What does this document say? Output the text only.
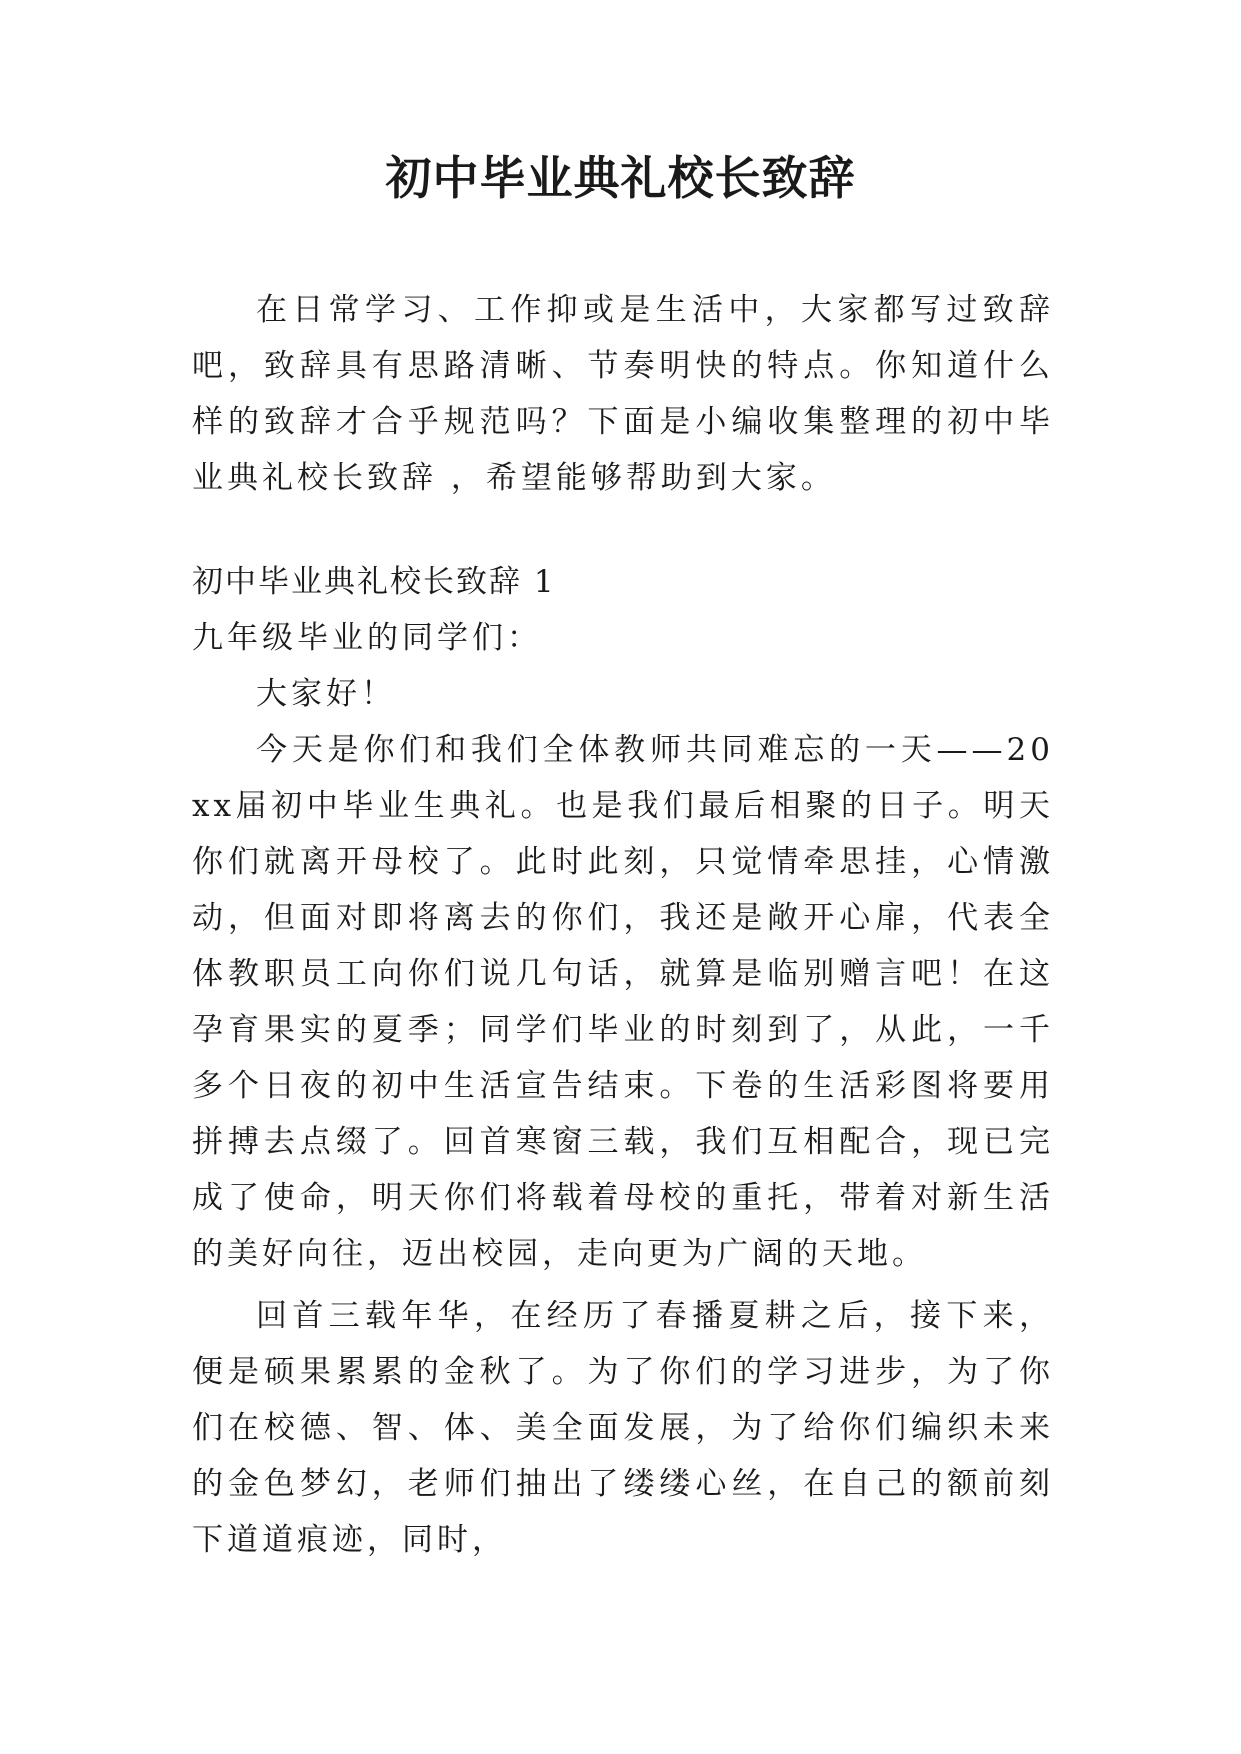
初中毕业典礼校长致辞

在日常学习、工作抑或是生活中，大家都写过致辞吧，致辞具有思路清晰、节奏明快的特点。你知道什么样的致辞才合乎规范吗？下面是小编收集整理的初中毕业典礼校长致辞 ，希望能够帮助到大家。

初中毕业典礼校长致辞 1

九年级毕业的同学们：

大家好！

今天是你们和我们全体教师共同难忘的一天——20xx届初中毕业生典礼。也是我们最后相聚的日子。明天你们就离开母校了。此时此刻，只觉情牵思挂，心情激动，但面对即将离去的你们，我还是敞开心扉，代表全体教职员工向你们说几句话，就算是临别赠言吧！在这孕育果实的夏季；同学们毕业的时刻到了，从此，一千多个日夜的初中生活宣告结束。下卷的生活彩图将要用拼搏去点缀了。回首寒窗三载，我们互相配合，现已完成了使命，明天你们将载着母校的重托，带着对新生活的美好向往，迈出校园，走向更为广阔的天地。

回首三载年华，在经历了春播夏耕之后，接下来，便是硕果累累的金秋了。为了你们的学习进步，为了你们在校德、智、体、美全面发展，为了给你们编织未来的金色梦幻，老师们抽出了缕缕心丝，在自己的额前刻下道道痕迹，同时，
